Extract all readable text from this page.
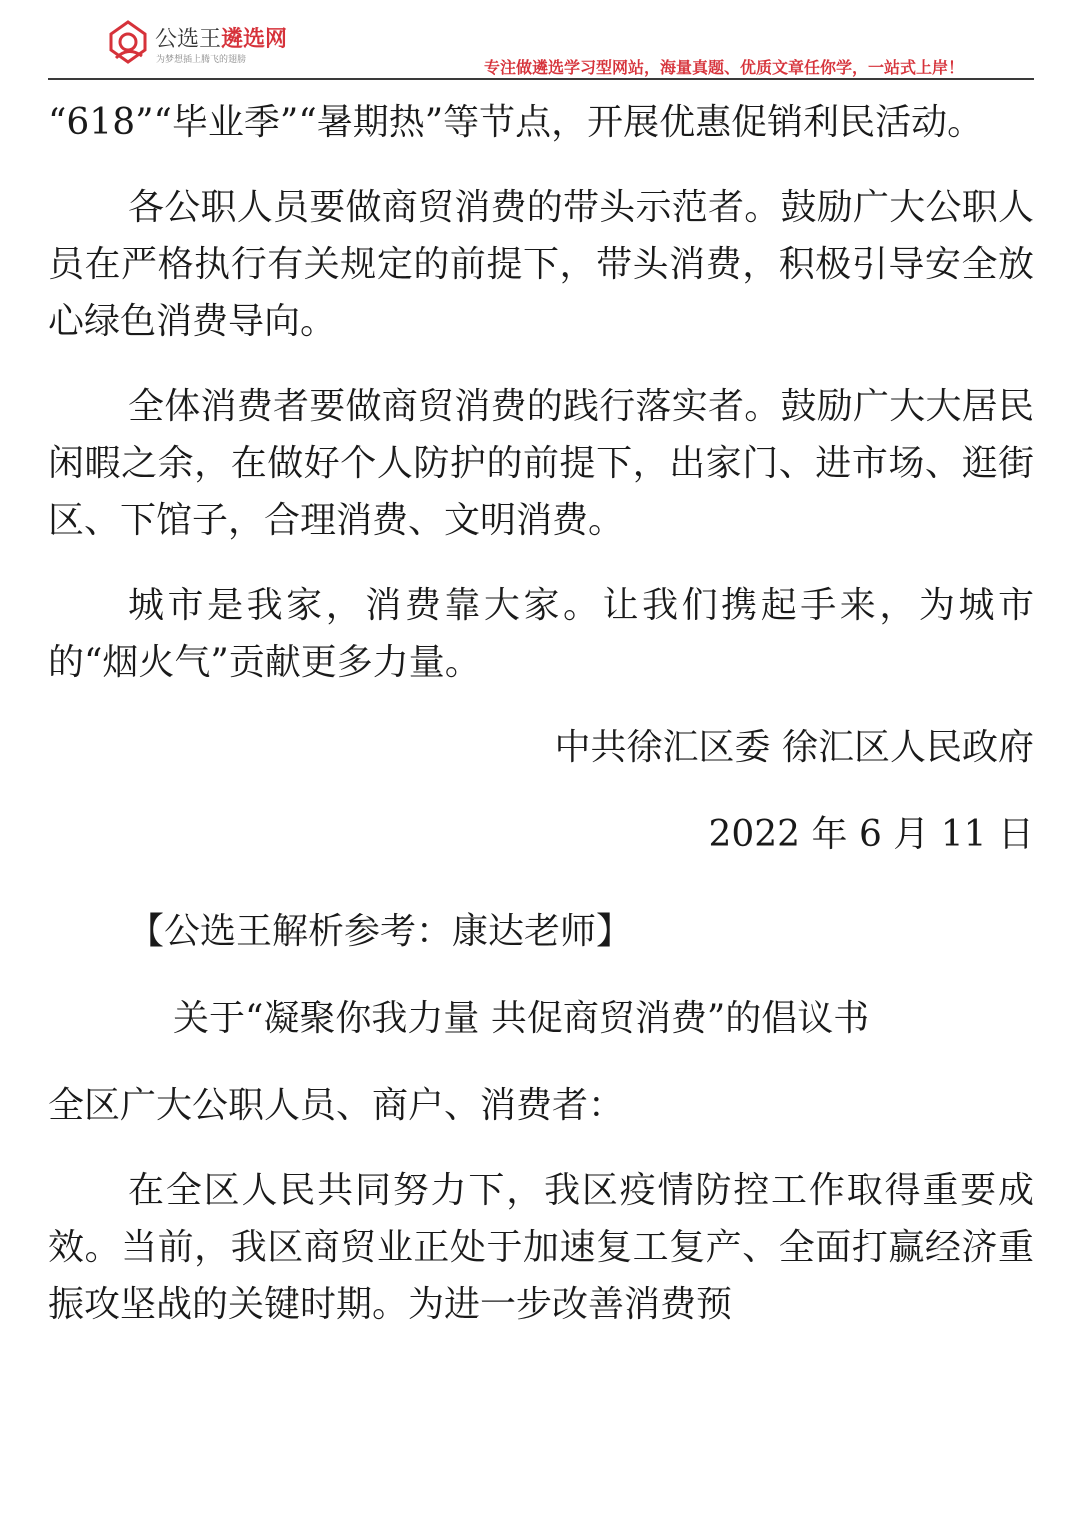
公选王遴选网
为梦想插上腾飞的翅膀	专注做遴选学习型网站，海量真题、优质文章任你学，一站式上岸！

“618”“毕业季”“暑期热”等节点，开展优惠促销利民活动。

各公职人员要做商贸消费的带头示范者。鼓励广大公职人员在严格执行有关规定的前提下，带头消费，积极引导安全放心绿色消费导向。

全体消费者要做商贸消费的践行落实者。鼓励广大大居民闲暇之余，在做好个人防护的前提下，出家门、进市场、逛街区、下馆子，合理消费、文明消费。

城市是我家，消费靠大家。让我们携起手来，为城市的“烟火气”贡献更多力量。

中共徐汇区委 徐汇区人民政府

2022 年 6 月 11 日

【公选王解析参考：康达老师】

关于“凝聚你我力量 共促商贸消费”的倡议书

全区广大公职人员、商户、消费者：

在全区人民共同努力下，我区疫情防控工作取得重要成效。当前，我区商贸业正处于加速复工复产、全面打赢经济重振攻坚战的关键时期。为进一步改善消费预
